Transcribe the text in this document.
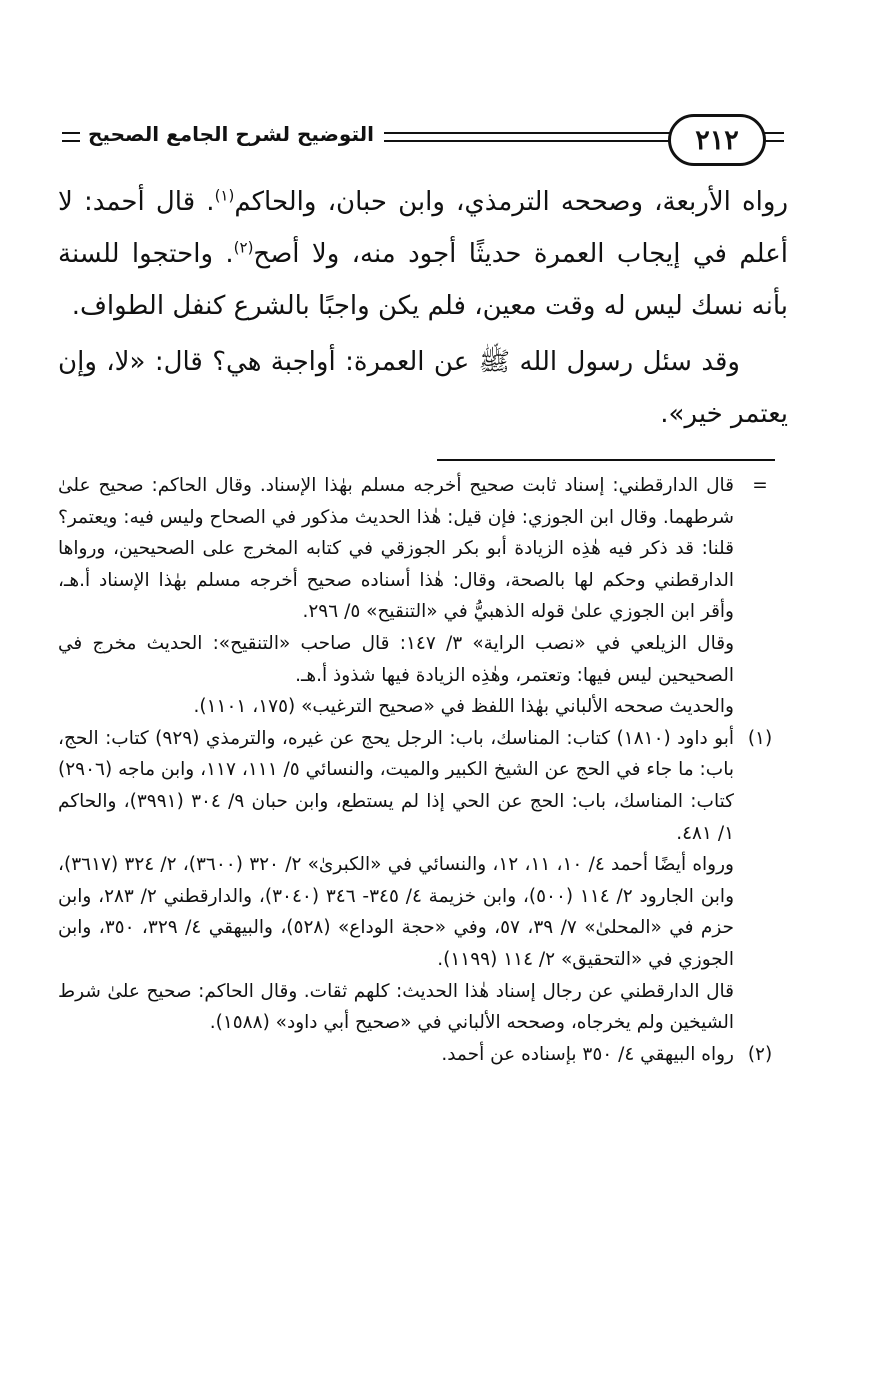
التوضيح لشرح الجامع الصحيح	٢١٢

رواه الأربعة، وصححه الترمذي، وابن حبان، والحاكم$^{(١)}$. قال أحمد: لا أعلم في إيجاب العمرة حديثًا أجود منه، ولا أصح$^{(٢)}$. واحتجوا للسنة بأنه نسك ليس له وقت معين، فلم يكن واجبًا بالشرع كنفل الطواف.

وقد سئل رسول الله ﷺ عن العمرة: أواجبة هي؟ قال: «لا، وإن يعتمر خير».

=

قال الدارقطني: إسناد ثابت صحيح أخرجه مسلم بهٰذا الإسناد. وقال الحاكم: صحيح علىٰ شرطهما. وقال ابن الجوزي: فإن قيل: هٰذا الحديث مذكور في الصحاح وليس فيه: ويعتمر؟ قلنا: قد ذكر فيه هٰذِه الزيادة أبو بكر الجوزقي في كتابه المخرج على الصحيحين، ورواها الدارقطني وحكم لها بالصحة، وقال: هٰذا أسناده صحيح أخرجه مسلم بهٰذا الإسناد أ.هـ، وأقر ابن الجوزي علىٰ قوله الذهبيُّ في «التنقيح» ٥/ ٢٩٦.

وقال الزيلعي في «نصب الراية» ٣/ ١٤٧: قال صاحب «التنقيح»: الحديث مخرج في الصحيحين ليس فيها: وتعتمر، وهٰذِه الزيادة فيها شذوذ أ.هـ.

والحديث صححه الألباني بهٰذا اللفظ في «صحيح الترغيب» (١٧٥، ١١٠١).

(١)

أبو داود (١٨١٠) كتاب: المناسك، باب: الرجل يحج عن غيره، والترمذي (٩٢٩) كتاب: الحج، باب: ما جاء في الحج عن الشيخ الكبير والميت، والنسائي ٥/ ١١١، ١١٧، وابن ماجه (٢٩٠٦) كتاب: المناسك، باب: الحج عن الحي إذا لم يستطع، وابن حبان ٩/ ٣٠٤ (٣٩٩١)، والحاكم ١/ ٤٨١.

ورواه أيضًا أحمد ٤/ ١٠، ١١، ١٢، والنسائي في «الكبرىٰ» ٢/ ٣٢٠ (٣٦٠٠)، ٢/ ٣٢٤ (٣٦١٧)، وابن الجارود ٢/ ١١٤ (٥٠٠)، وابن خزيمة ٤/ ٣٤٥- ٣٤٦ (٣٠٤٠)، والدارقطني ٢/ ٢٨٣، وابن حزم في «المحلىٰ» ٧/ ٣٩، ٥٧، وفي «حجة الوداع» (٥٢٨)، والبيهقي ٤/ ٣٢٩، ٣٥٠، وابن الجوزي في «التحقيق» ٢/ ١١٤ (١١٩٩).

قال الدارقطني عن رجال إسناد هٰذا الحديث: كلهم ثقات. وقال الحاكم: صحيح علىٰ شرط الشيخين ولم يخرجاه، وصححه الألباني في «صحيح أبي داود» (١٥٨٨).

(٢)

رواه البيهقي ٤/ ٣٥٠ بإسناده عن أحمد.
